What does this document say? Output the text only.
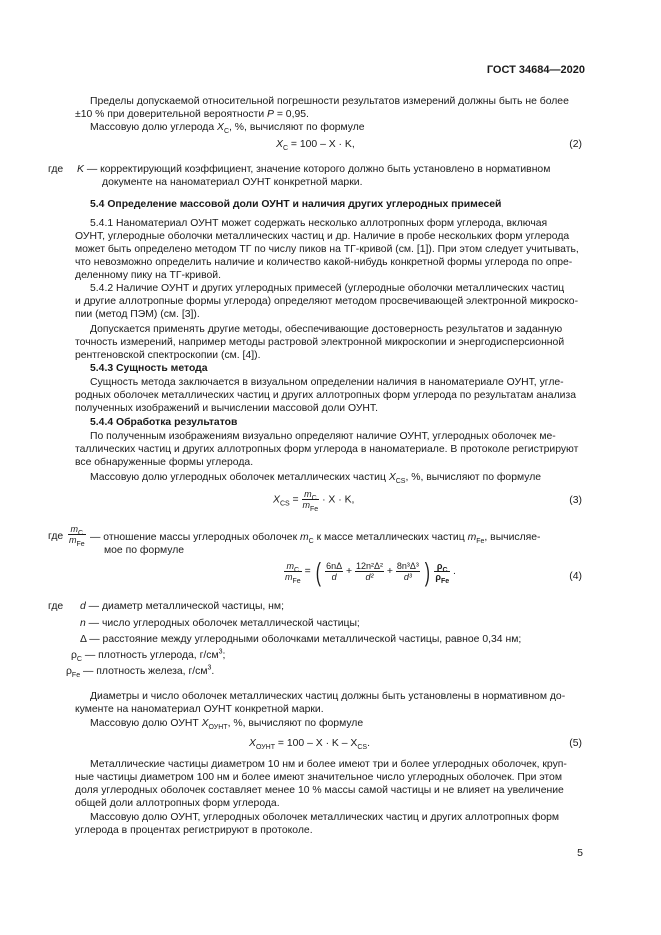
ГОСТ 34684—2020
Пределы допускаемой относительной погрешности результатов измерений должны быть не более
±10 % при доверительной вероятности P = 0,95.
Массовую долю углерода $X_С$, %, вычисляют по формуле
$X_С = 100 - X \cdot K$,	(2)
где K — корректирующий коэффициент, значение которого должно быть установлено в нормативном
документе на наноматериал ОУНТ конкретной марки.
5.4 Определение массовой доли ОУНТ и наличия других углеродных примесей
5.4.1 Наноматериал ОУНТ может содержать несколько аллотропных форм углерода, включая
ОУНТ, углеродные оболочки металлических частиц и др. Наличие в пробе нескольких форм углерода
может быть определено методом ТГ по числу пиков на ТГ-кривой (см. [1]). При этом следует учитывать,
что невозможно определить наличие и количество какой-нибудь конкретной формы углерода по опре-
деленному пику на ТГ-кривой.
5.4.2 Наличие ОУНТ и других углеродных примесей (углеродные оболочки металлических частиц
и другие аллотропные формы углерода) определяют методом просвечивающей электронной микроско-
пии (метод ПЭМ) (см. [3]).
Допускается применять другие методы, обеспечивающие достоверность результатов и заданную
точность измерений, например методы растровой электронной микроскопии и энергодисперсионной
рентгеновской спектроскопии (см. [4]).
5.4.3 Сущность метода
Сущность метода заключается в визуальном определении наличия в наноматериале ОУНТ, угле-
родных оболочек металлических частиц и других аллотропных форм углерода по результатам анализа
полученных изображений и вычислении массовой доли ОУНТ.
5.4.4 Обработка результатов
По полученным изображениям визуально определяют наличие ОУНТ, углеродных оболочек ме-
таллических частиц и других аллотропных форм углерода в наноматериале. В протоколе регистрируют
все обнаруженные формы углерода.
Массовую долю углеродных оболочек металлических частиц $X_{CS}$, %, вычисляют по формуле
$X_{CS} = \frac{m_C}{m_{Fe}} \cdot X \cdot K$,	(3)
где $\frac{m_C}{m_{Fe}}$ — отношение массы углеродных оболочек $m_C$ к массе металлических частиц $m_{Fe}$, вычисляе-
мое по формуле
$\frac{m_C}{m_{Fe}}$ = ( $\frac{6n\Delta}{d} + \frac{\text{12n²Δ²}}{\text{d²}} + \frac{\text{8n³Δ³}}{\text{d³}}$ ) $\frac{\rho_C}{\rho_{Fe}}$ .	(4)
где d — диаметр металлической частицы, нм;
n — число углеродных оболочек металлической частицы;
Δ — расстояние между углеродными оболочками металлической частицы, равное 0,34 нм;
$\rho_C$ — плотность углерода, $г/см^3$;
$\rho_{Fe}$ — плотность железа, $г/см^3$.
Диаметры и число оболочек металлических частиц должны быть установлены в нормативном до-
кументе на наноматериал ОУНТ конкретной марки.
Массовую долю ОУНТ $X_{ОУНТ}$, %, вычисляют по формуле
$X_{ОУНТ} = 100 - X \cdot K - X_{CS}$.	(5)
Металлические частицы диаметром 10 нм и более имеют три и более углеродных оболочек, круп-
ные частицы диаметром 100 нм и более имеют значительное число углеродных оболочек. При этом
доля углеродных оболочек составляет менее 10 % массы самой частицы и не влияет на увеличение
общей доли аллотропных форм углерода.
Массовую долю ОУНТ, углеродных оболочек металлических частиц и других аллотропных форм
углерода в процентах регистрируют в протоколе.
5
